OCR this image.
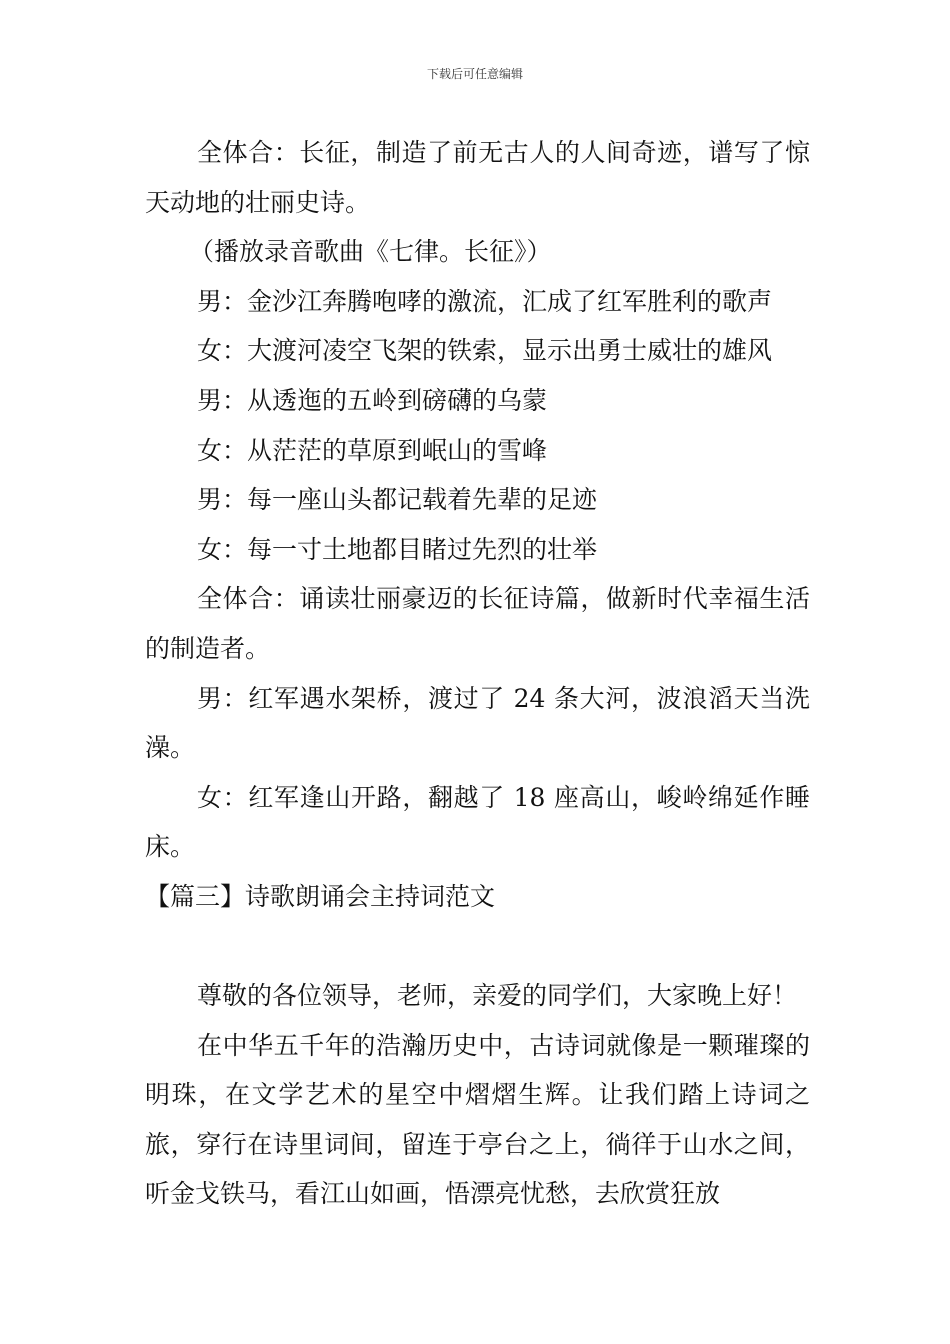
下载后可任意编辑

全体合：长征，制造了前无古人的人间奇迹，谱写了惊天动地的壮丽史诗。

（播放录音歌曲《七律。长征》）

男：金沙江奔腾咆哮的激流，汇成了红军胜利的歌声

女：大渡河凌空飞架的铁索，显示出勇士威壮的雄风

男：从透迤的五岭到磅礴的乌蒙

女：从茫茫的草原到岷山的雪峰

男：每一座山头都记载着先辈的足迹

女：每一寸土地都目睹过先烈的壮举

全体合：诵读壮丽豪迈的长征诗篇，做新时代幸福生活的制造者。

男：红军遇水架桥，渡过了 24 条大河，波浪滔天当洗澡。

女：红军逢山开路，翻越了 18 座高山，峻岭绵延作睡床。

【篇三】诗歌朗诵会主持词范文

尊敬的各位领导，老师，亲爱的同学们，大家晚上好！

在中华五千年的浩瀚历史中，古诗词就像是一颗璀璨的明珠，在文学艺术的星空中熠熠生辉。让我们踏上诗词之旅，穿行在诗里词间，留连于亭台之上，徜徉于山水之间，听金戈铁马，看江山如画，悟漂亮忧愁，去欣赏狂放
